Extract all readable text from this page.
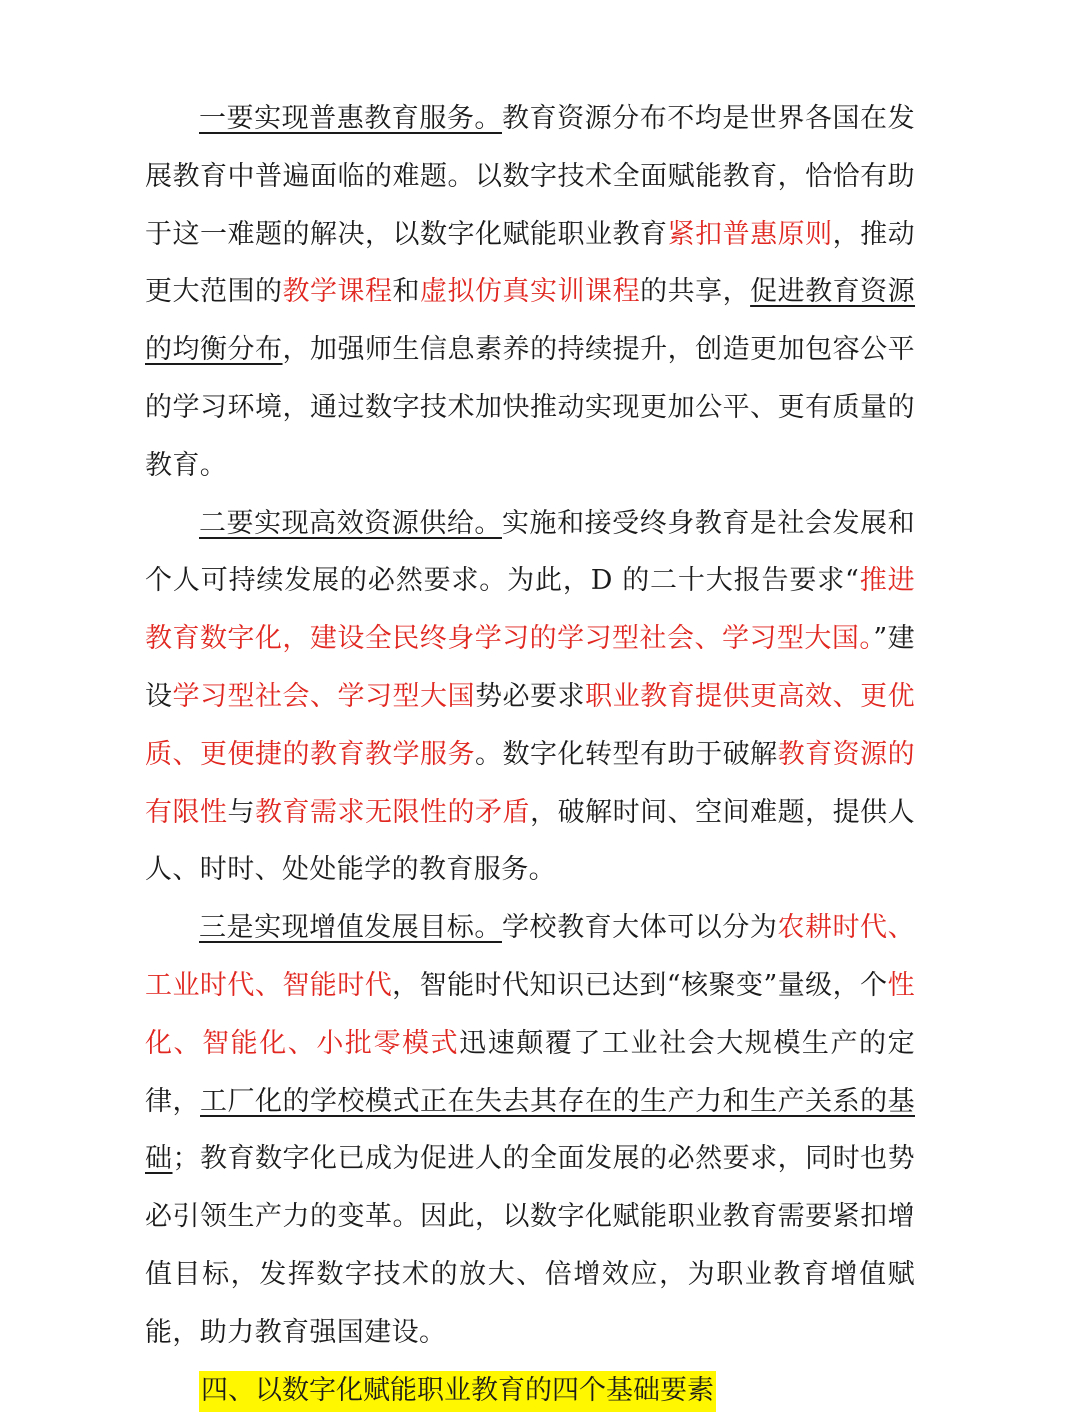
一要实现普惠教育服务。教育资源分布不均是世界各国在发展教育中普遍面临的难题。以数字技术全面赋能教育，恰恰有助于这一难题的解决，以数字化赋能职业教育紧扣普惠原则，推动更大范围的教学课程和虚拟仿真实训课程的共享，促进教育资源的均衡分布，加强师生信息素养的持续提升，创造更加包容公平的学习环境，通过数字技术加快推动实现更加公平、更有质量的教育。

二要实现高效资源供给。实施和接受终身教育是社会发展和个人可持续发展的必然要求。为此，D 的二十大报告要求“推进教育数字化，建设全民终身学习的学习型社会、学习型大国。”建设学习型社会、学习型大国势必要求职业教育提供更高效、更优质、更便捷的教育教学服务。数字化转型有助于破解教育资源的有限性与教育需求无限性的矛盾，破解时间、空间难题，提供人人、时时、处处能学的教育服务。

三是实现增值发展目标。学校教育大体可以分为农耕时代、工业时代、智能时代，智能时代知识已达到“核聚变”量级，个性化、智能化、小批零模式迅速颠覆了工业社会大规模生产的定律，工厂化的学校模式正在失去其存在的生产力和生产关系的基础；教育数字化已成为促进人的全面发展的必然要求，同时也势必引领生产力的变革。因此，以数字化赋能职业教育需要紧扣增值目标，发挥数字技术的放大、倍增效应，为职业教育增值赋能，助力教育强国建设。

四、以数字化赋能职业教育的四个基础要素
